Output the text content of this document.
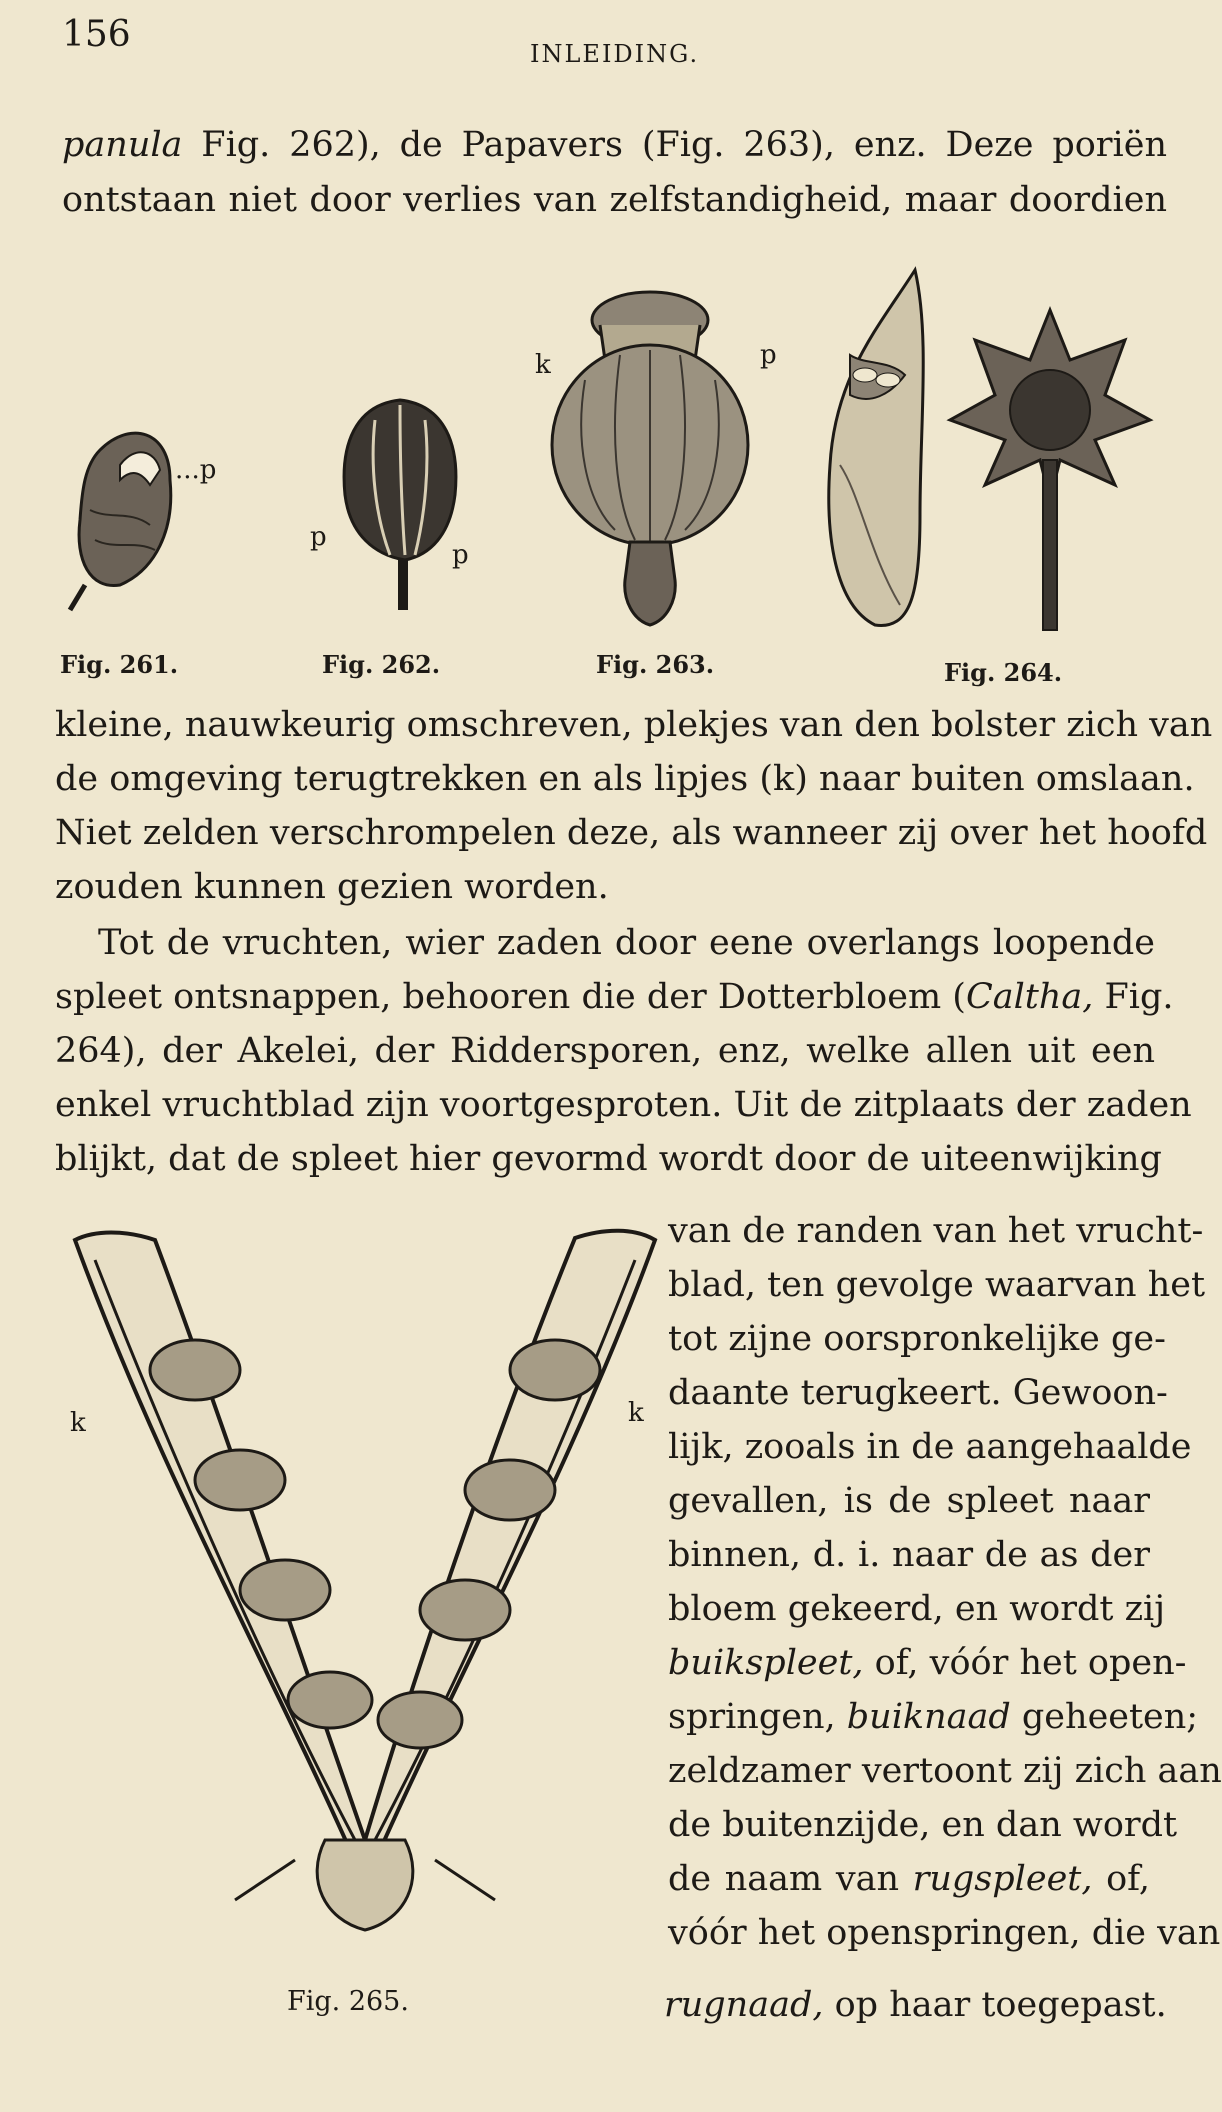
156	INLEIDING.
panula Fig. 262), de Papavers (Fig. 263), enz. Deze poriën
ontstaan niet door verlies van zelfstandigheid, maar doordien
...p
Fig. 261.
p
p
Fig. 262.
k	p
Fig. 263.	Fig. 264.
kleine, nauwkeurig omschreven, plekjes van den bolster zich van
de omgeving terugtrekken en als lipjes (k) naar buiten omslaan.
Niet zelden verschrompelen deze, als wanneer zij over het hoofd
zouden kunnen gezien worden.
Tot de vruchten, wier zaden door eene overlangs loopende
spleet ontsnappen, behooren die der Dotterbloem (Caltha, Fig.
264), der Akelei, der Riddersporen, enz, welke allen uit een
enkel vruchtblad zijn voortgesproten. Uit de zitplaats der zaden
blijkt, dat de spleet hier gevormd wordt door de uiteenwijking
k	k
Fig. 265.
van de randen van het vrucht-
blad, ten gevolge waarvan het
tot zijne oorspronkelijke ge-
daante terugkeert. Gewoon-
lijk, zooals in de aangehaalde
gevallen, is de spleet naar
binnen, d. i. naar de as der
bloem gekeerd, en wordt zij
buikspleet, of, vóór het open-
springen, buiknaad geheeten;
zeldzamer vertoont zij zich aan
de buitenzijde, en dan wordt
de naam van rugspleet, of,
vóór het openspringen, die van
rugnaad, op haar toegepast.
